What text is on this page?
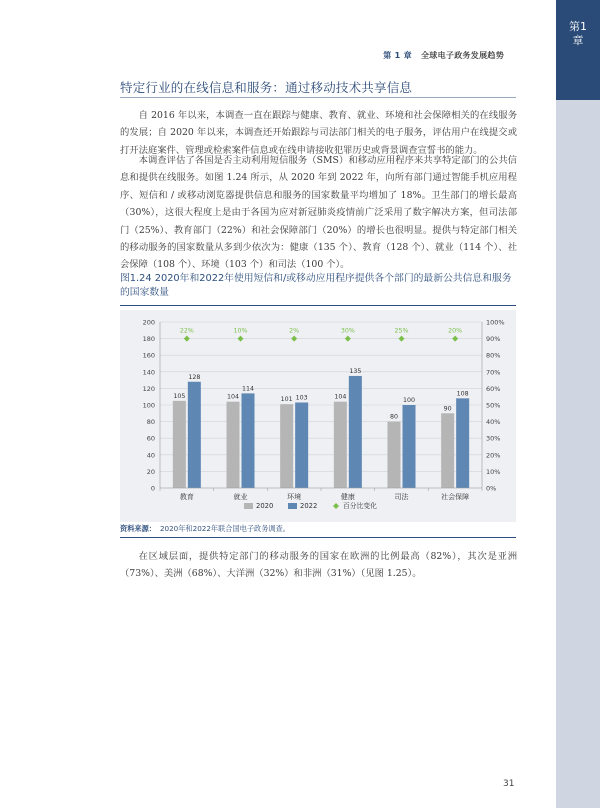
第1
章
第 1 章 全球电子政务发展趋势
特定行业的在线信息和服务：通过移动技术共享信息

自 2016 年以来，本调查一直在跟踪与健康、教育、就业、环境和社会保障相关的在线服务的发展；自 2020 年以来，本调查还开始跟踪与司法部门相关的电子服务，评估用户在线提交或打开法庭案件、管理或检索案件信息或在线申请接收犯罪历史或背景调查宣誓书的能力。

本调查评估了各国是否主动利用短信服务（SMS）和移动应用程序来共享特定部门的公共信息和提供在线服务。如图 1.24 所示，从 2020 年到 2022 年，向所有部门通过智能手机应用程序、短信和 / 或移动浏览器提供信息和服务的国家数量平均增加了 18%。卫生部门的增长最高（30%），这很大程度上是由于各国为应对新冠肺炎疫情前广泛采用了数字解决方案，但司法部门（25%）、教育部门（22%）和社会保障部门（20%）的增长也很明显。提供与特定部门相关的移动服务的国家数量从多到少依次为：健康（135 个）、教育（128 个）、就业（114 个）、社会保障（108 个）、环境（103 个）和司法（100 个）。

图1.24 2020年和2022年使用短信和/或移动应用程序提供各个部门的最新公共信息和服务的国家数量

0
20
40
60
80
100
120
140
160
180
200
0%
10%
20%
30%
40%
50%
60%
70%
80%
90%
100%
105
128
104
114
101 103	104
135
80
100
90
108
22%	10%	2%	30%	25%	20%
教育	就业	环境	健康	司法	社会保障
2020	2022	百分比变化
资料来源： 2020年和2022年联合国电子政务调查。

在区域层面，提供特定部门的移动服务的国家在欧洲的比例最高（82%），其次是亚洲（73%）、美洲（68%）、大洋洲（32%）和非洲（31%）（见图 1.25）。

31
